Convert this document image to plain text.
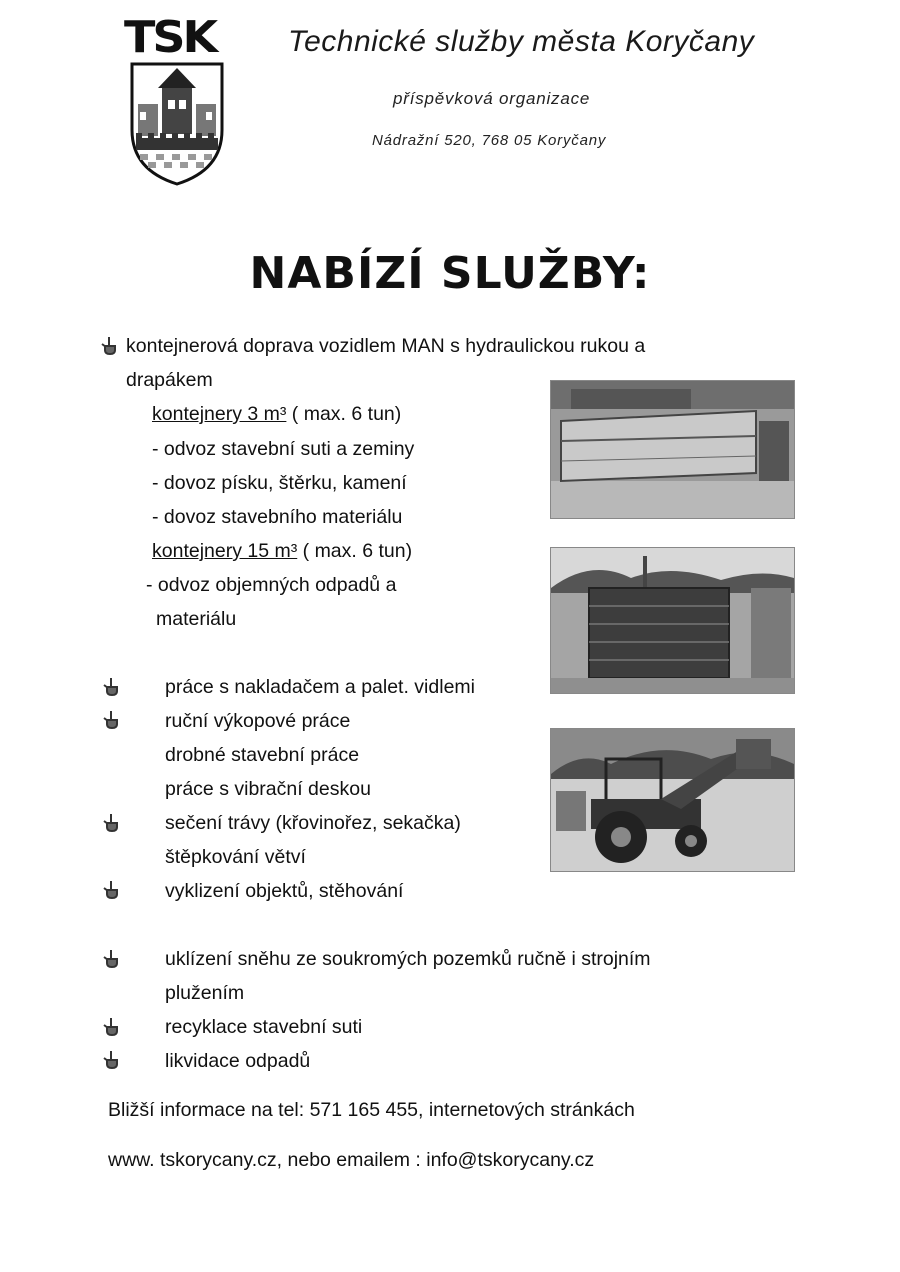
TSK Technické služby města Koryčany
příspěvková organizace
Nádražní 520, 768 05 Koryčany
NABÍZÍ SLUŽBY:
kontejnerová doprava vozidlem MAN s hydraulickou rukou a
drapákem
kontejnery 3 m³ ( max. 6 tun)
- odvoz stavební suti a zeminy
- dovoz písku, štěrku, kamení
- dovoz stavebního materiálu
kontejnery 15 m³ ( max. 6 tun)
- odvoz objemných odpadů a
materiálu
práce s nakladačem a palet. vidlemi
ruční výkopové práce
drobné stavební práce
práce s vibrační deskou
sečení trávy (křovinořez, sekačka)
štěpkování větví
vyklizení objektů, stěhování
uklízení sněhu ze soukromých pozemků ručně i strojním
plužením
recyklace stavební suti
likvidace odpadů
Bližší informace na tel: 571 165 455, internetových stránkách
www. tskorycany.cz, nebo emailem : info@tskorycany.cz
